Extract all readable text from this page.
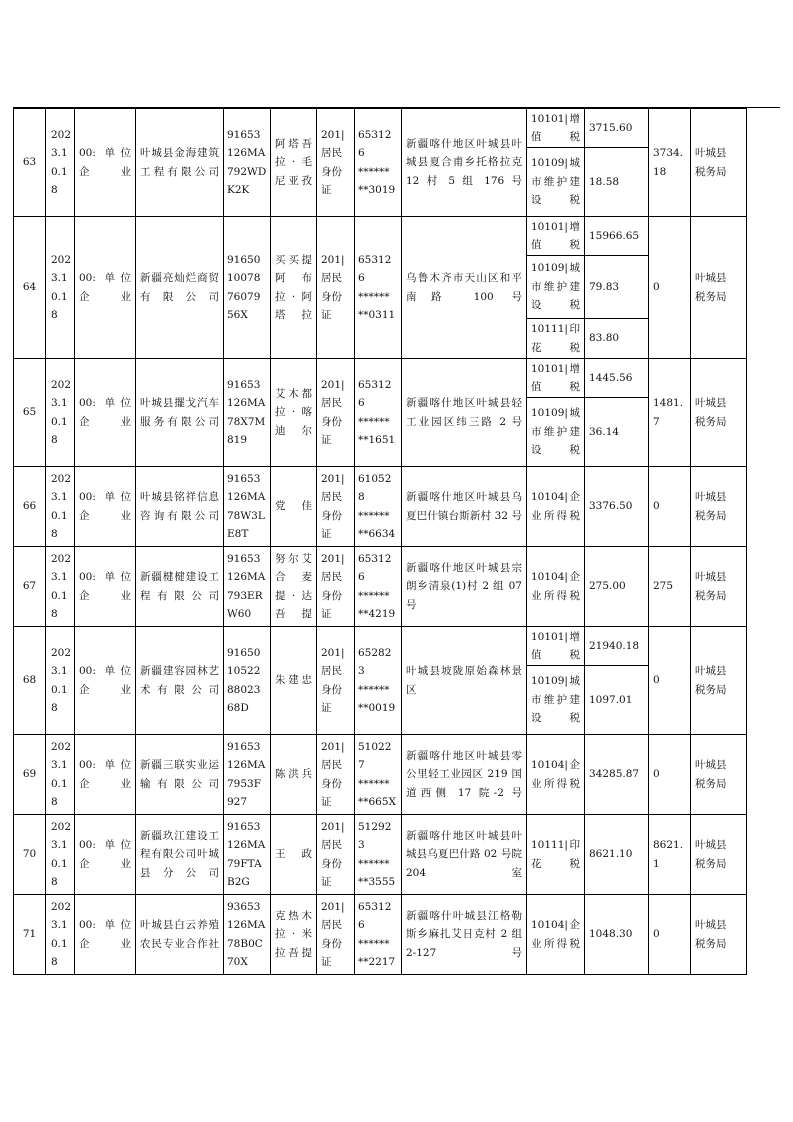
63	202
3.1
0.1
8	00: 单位
企业	叶城县金海建筑
工程有限公司	91653
126MA
792WD
K2K	阿塔吾
拉·毛
尼亚孜	201|
居民
身份
证	653126
******
**3019	新疆喀什地区叶城县叶
城县夏合甫乡托格拉克
12 村 5 组 176 号	10101|增
值税	3715.60	3734.
18	叶城县
税务局
									10109|城
市维护建
设税	18.58		
64	202
3.1
0.1
8	00: 单位
企业	新疆亮灿烂商贸
有限公司	91650
10078
76079
56X	买买提
阿 布
拉·阿
塔拉	201|
居民
身份
证	653126
******
**0311	乌鲁木齐市天山区和平
南路 100 号	10101|增
值税	15966.65	0	叶城县
税务局
									10109|城
市维护建
设税	79.83		
									10111|印
花税	83.80		
65	202
3.1
0.1
8	00: 单位
企业	叶城县擺戈汽车
服务有限公司	91653
126MA
78X7M
819	艾木都
拉·喀
迪尔	201|
居民
身份
证	653126
******
**1651	新疆喀什地区叶城县轻
工业园区纬三路 2 号	10101|增
值税	1445.56	1481.
7	叶城县
税务局
									10109|城
市维护建
设税	36.14		
66	202
3.1
0.1
8	00: 单位
企业	叶城县铭祥信息
咨询有限公司	91653
126MA
78W3L
E8T	党佳	201|
居民
身份
证	610528
******
**6634	新疆喀什地区叶城县乌
夏巴什镇台斯新村 32 号	10104|企
业所得税	3376.50	0	叶城县
税务局
67	202
3.1
0.1
8	00: 单位
企业	新疆楗楗建设工
程有限公司	91653
126MA
793ER
W60	努尔艾
合 麦
提·达
吾提	201|
居民
身份
证	653126
******
**4219	新疆喀什地区叶城县宗
朗乡清泉(1)村 2 组 07
号	10104|企
业所得税	275.00	275	叶城县
税务局
68	202
3.1
0.1
8	00: 单位
企业	新疆建容园林艺
术有限公司	91650
10522
88023
68D	朱建忠	201|
居民
身份
证	652823
******
**0019	叶城县坡陇原始森林景
区	10101|增
值税	21940.18	0	叶城县
税务局
									10109|城
市维护建
设税	1097.01		
69	202
3.1
0.1
8	00: 单位
企业	新疆三联实业运
输有限公司	91653
126MA
7953F
927	陈洪兵	201|
居民
身份
证	510227
******
**665X	新疆喀什地区叶城县零
公里轻工业园区 219 国
道西侧 17 院-2 号	10104|企
业所得税	34285.87	0	叶城县
税务局
70	202
3.1
0.1
8	00: 单位
企业	新疆玖江建设工
程有限公司叶城
县分公司	91653
126MA
79FTA
B2G	王政	201|
居民
身份
证	512923
******
**3555	新疆喀什地区叶城县叶
城县乌夏巴什路 02 号院
204 室	10111|印
花税	8621.10	8621.
1	叶城县
税务局
71	202
3.1
0.1
8	00: 单位
企业	叶城县白云养殖
农民专业合作社	93653
126MA
78B0C
70X	克热木
拉·米
拉吾提	201|
居民
身份
证	653126
******
**2217	新疆喀什叶城县江格勒
斯乡麻扎艾日克村 2 组
2-127 号	10104|企
业所得税	1048.30	0	叶城县
税务局
